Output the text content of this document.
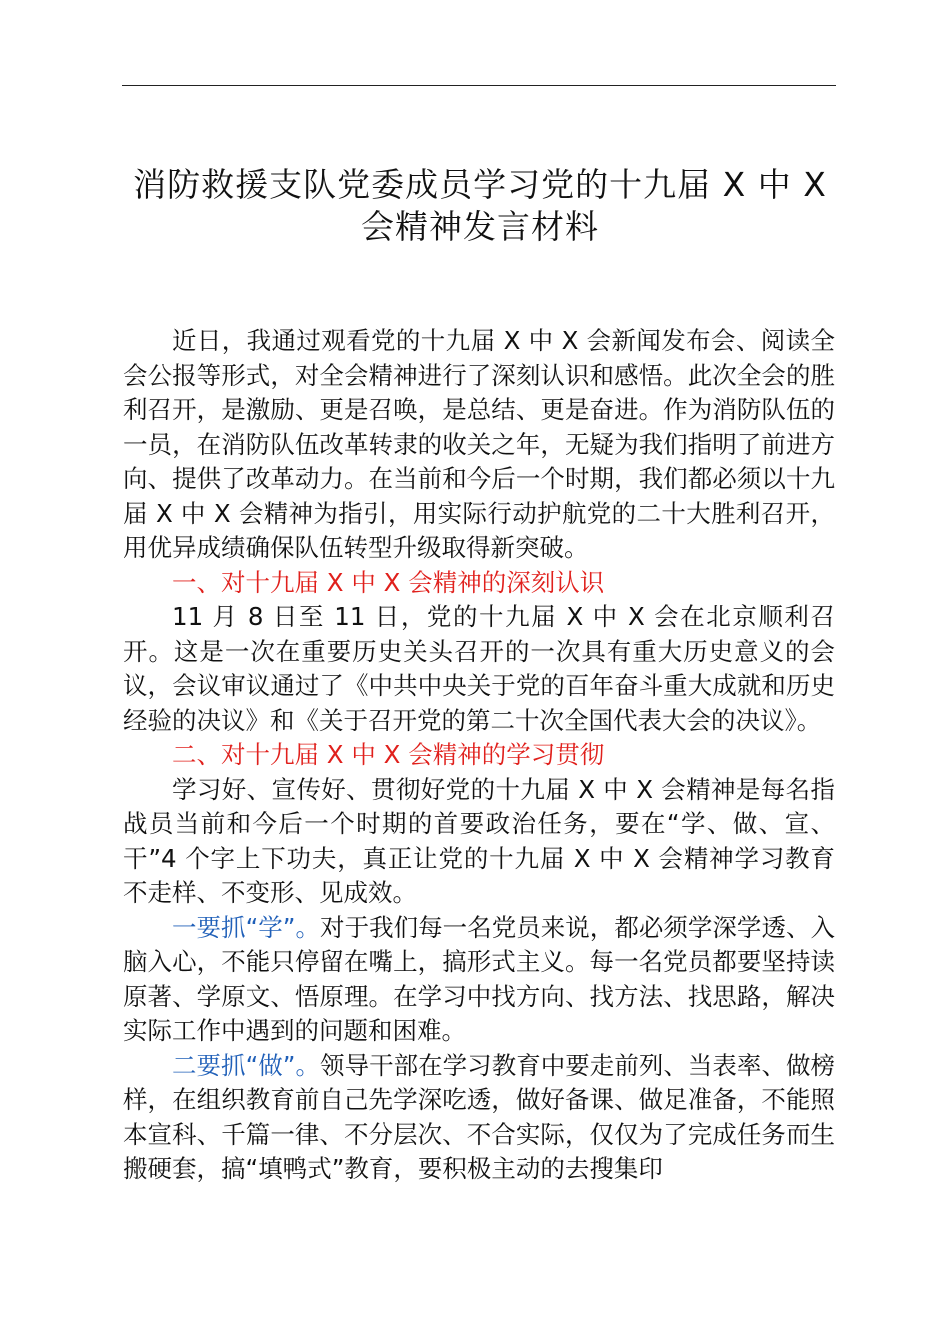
消防救援支队党委成员学习党的十九届 X 中 X
会精神发言材料

近日，我通过观看党的十九届 X 中 X 会新闻发布会、阅读全会公报等形式，对全会精神进行了深刻认识和感悟。此次全会的胜利召开，是激励、更是召唤，是总结、更是奋进。作为消防队伍的一员，在消防队伍改革转隶的收关之年，无疑为我们指明了前进方向、提供了改革动力。在当前和今后一个时期，我们都必须以十九届 X 中 X 会精神为指引，用实际行动护航党的二十大胜利召开，用优异成绩确保队伍转型升级取得新突破。

一、对十九届 X 中 X 会精神的深刻认识

11 月 8 日至 11 日，党的十九届 X 中 X 会在北京顺利召开。这是一次在重要历史关头召开的一次具有重大历史意义的会议，会议审议通过了《中共中央关于党的百年奋斗重大成就和历史经验的决议》和《关于召开党的第二十次全国代表大会的决议》。

二、对十九届 X 中 X 会精神的学习贯彻

学习好、宣传好、贯彻好党的十九届 X 中 X 会精神是每名指战员当前和今后一个时期的首要政治任务，要在“学、做、宣、干”4 个字上下功夫，真正让党的十九届 X 中 X 会精神学习教育不走样、不变形、见成效。

一要抓“学”。对于我们每一名党员来说，都必须学深学透、入脑入心，不能只停留在嘴上，搞形式主义。每一名党员都要坚持读原著、学原文、悟原理。在学习中找方向、找方法、找思路，解决实际工作中遇到的问题和困难。

二要抓“做”。领导干部在学习教育中要走前列、当表率、做榜样，在组织教育前自己先学深吃透，做好备课、做足准备，不能照本宣科、千篇一律、不分层次、不合实际，仅仅为了完成任务而生搬硬套，搞“填鸭式”教育，要积极主动的去搜集印
